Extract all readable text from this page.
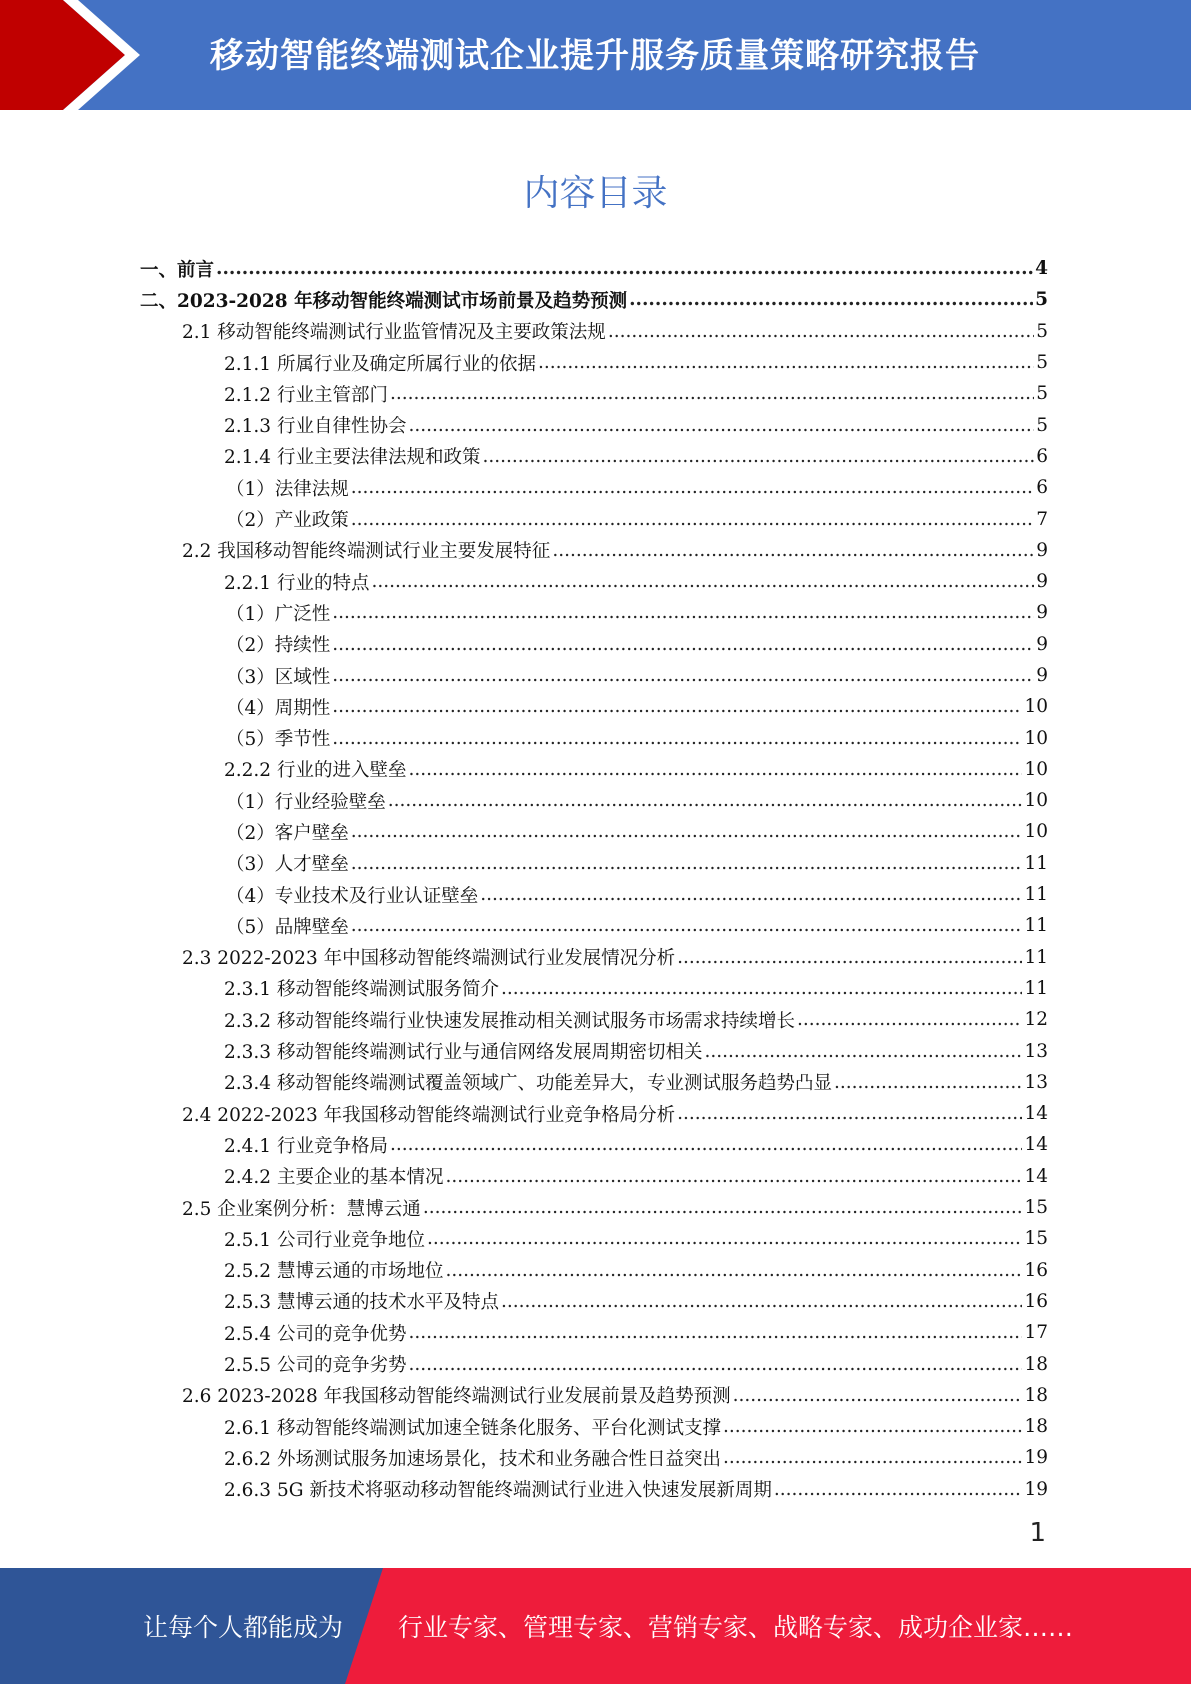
移动智能终端测试企业提升服务质量策略研究报告
内容目录
一、前言 .....	4
二、2023-2028 年移动智能终端测试市场前景及趋势预测 .....	5
2.1 移动智能终端测试行业监管情况及主要政策法规 .....	5
2.1.1 所属行业及确定所属行业的依据 .....	5
2.1.2 行业主管部门 .....	5
2.1.3 行业自律性协会 .....	5
2.1.4 行业主要法律法规和政策 .....	6
（1）法律法规 .....	6
（2）产业政策 .....	7
2.2 我国移动智能终端测试行业主要发展特征 .....	9
2.2.1 行业的特点 .....	9
（1）广泛性 .....	9
（2）持续性 .....	9
（3）区域性 .....	9
（4）周期性 .....	10
（5）季节性 .....	10
2.2.2 行业的进入壁垒 .....	10
（1）行业经验壁垒 .....	10
（2）客户壁垒 .....	10
（3）人才壁垒 .....	11
（4）专业技术及行业认证壁垒 .....	11
（5）品牌壁垒 .....	11
2.3 2022-2023 年中国移动智能终端测试行业发展情况分析 .....	11
2.3.1 移动智能终端测试服务简介 .....	11
2.3.2 移动智能终端行业快速发展推动相关测试服务市场需求持续增长 .....	12
2.3.3 移动智能终端测试行业与通信网络发展周期密切相关 .....	13
2.3.4 移动智能终端测试覆盖领域广、功能差异大，专业测试服务趋势凸显 .....	13
2.4 2022-2023 年我国移动智能终端测试行业竞争格局分析 .....	14
2.4.1 行业竞争格局 .....	14
2.4.2 主要企业的基本情况 .....	14
2.5 企业案例分析：慧博云通 .....	15
2.5.1 公司行业竞争地位 .....	15
2.5.2 慧博云通的市场地位 .....	16
2.5.3 慧博云通的技术水平及特点 .....	16
2.5.4 公司的竞争优势 .....	17
2.5.5 公司的竞争劣势 .....	18
2.6 2023-2028 年我国移动智能终端测试行业发展前景及趋势预测 .....	18
2.6.1 移动智能终端测试加速全链条化服务、平台化测试支撑 .....	18
2.6.2 外场测试服务加速场景化，技术和业务融合性日益突出 .....	19
2.6.3 5G 新技术将驱动移动智能终端测试行业进入快速发展新周期 .....	19
1
让每个人都能成为 行业专家、管理专家、营销专家、战略专家、成功企业家……
